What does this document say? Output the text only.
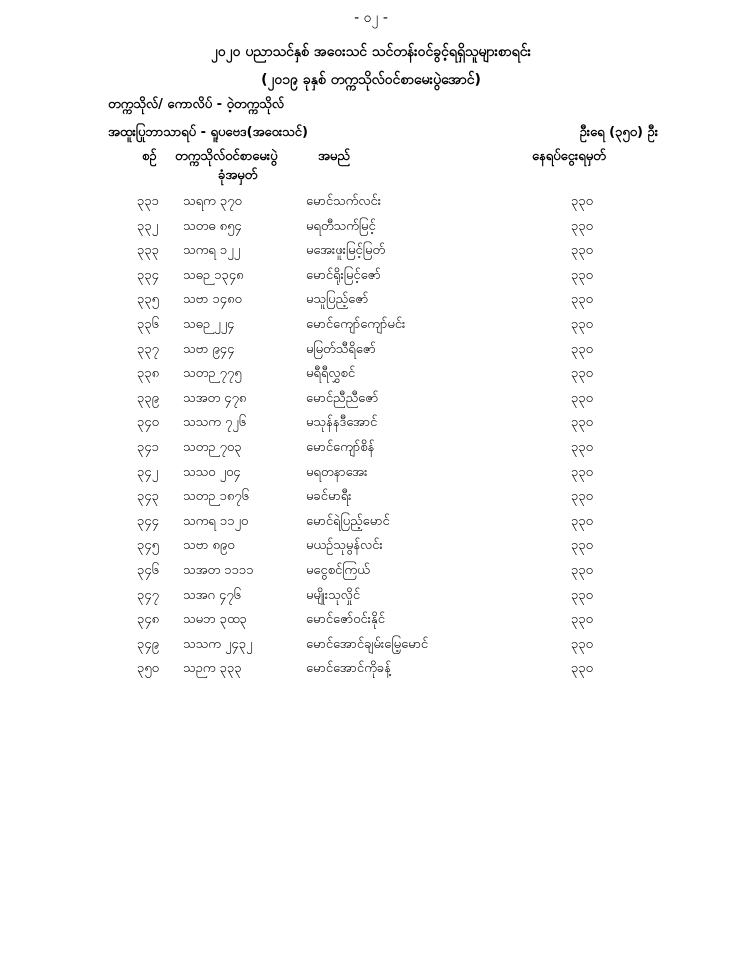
- ၀၂ -
၂၀၂၀ ပညာသင်နှစ် အဝေးသင် သင်တန်းဝင်ခွင့်ရရှိသူများစာရင်း
(၂၀၁၉ ခုနှစ် တက္ကသိုလ်ဝင်စာမေးပွဲအောင်)
တက္ကသိုလ်/ ကောလိပ် - ဝဲ့တက္ကသိုလ်
အထူးပြုဘာသာရပ် - ရူပဗေဒ(အဝေးသင်)	ဦးရေ (၃၅၀) ဦး
စဉ် တက္ကသိုလ်ဝင်စာမေးပွဲ
ခုံအမှတ်
အမည်	နေရပ်ငွေးရမှတ်
၃၃၁ သရက ၃၇၀	မောင်သက်လင်း	၃၃၀
၃၃၂ သတဓ ၈၅၄	မရတီသက်မြင့်	၃၃၀
၃၃၃ သကရ ၁၂၂	မအေးဖူးမြင့်မြတ်	၃၃၀
၃၃၄ သဓဉ ၁၃၄၈	မောင်ရိုးမြင့်ဇော်	၃၃၀
၃၃၅ သဗာ ၁၄၈၀	မသူပြည့်ဇော်	၃၃၀
၃၃၆ သဓဉ ၂၂၄	မောင်ကျော်ကျော်မင်း	၃၃၀
၃၃၇ သဗာ ၉၄၄	မမြတ်သီရိဇော်	၃၃၀
၃၃၈ သတဉ ၇၇၅	မရီရီလွှစင်	၃၃၀
၃၃၉ သအတ ၄၇၈	မောင်ညီညီဇော်	၃၃၀
၃၄၀ သသက ၇၂၆	မသုန်နဒီအောင်	၃၃၀
၃၄၁ သတဉ ၇၀၃	မောင်ကျော်စိန်	၃၃၀
၃၄၂ သသဝ ၂၀၄	မရတနာအေး	၃၃၀
၃၄၃ သတဉ ၁၈၇၆	မခင်မာရီး	၃၃၀
၃၄၄ သကရ ၁၁၂၀	မောင်ရဲပြည့်မောင်	၃၃၀
၃၄၅ သဗာ ၈၉၀	မယဉ်သုမွန်လင်း	၃၃၀
၃၄၆ သအတ ၁၁၁၁	မငွေစင်ကြယ်	၃၃၀
၃၄၇ သအဂ ၄၇၆	မမျိုးသုလှိုင်	၃၃၀
၃၄၈ သမဘ ၃ထ၃	မောင်ဇော်ဝင်းနိုင်	၃၃၀
၃၄၉ သသက ၂၄၃၂	မောင်အောင်ချမ်းမြေ့မောင်	၃၃၀
၃၅၀ သဉက ၃၃၃	မောင်အောင်ကိုခန့်	၃၃၀
